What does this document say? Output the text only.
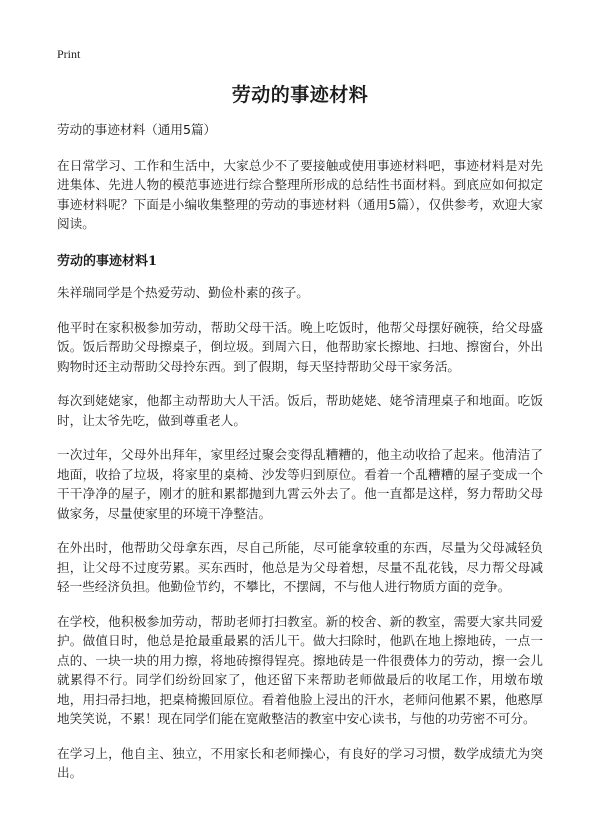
Print
劳动的事迹材料

劳动的事迹材料（通用5篇）

在日常学习、工作和生活中，大家总少不了要接触或使用事迹材料吧，事迹材料是对先进集体、先进人物的模范事迹进行综合整理所形成的总结性书面材料。到底应如何拟定事迹材料呢？下面是小编收集整理的劳动的事迹材料（通用5篇），仅供参考，欢迎大家阅读。

劳动的事迹材料1

朱祥瑞同学是个热爱劳动、勤俭朴素的孩子。

他平时在家积极参加劳动，帮助父母干活。晚上吃饭时，他帮父母摆好碗筷，给父母盛饭。饭后帮助父母擦桌子，倒垃圾。到周六日，他帮助家长擦地、扫地、擦窗台，外出购物时还主动帮助父母拎东西。到了假期，每天坚持帮助父母干家务活。

每次到姥姥家，他都主动帮助大人干活。饭后，帮助姥姥、姥爷清理桌子和地面。吃饭时，让太爷先吃，做到尊重老人。

一次过年，父母外出拜年，家里经过聚会变得乱糟糟的，他主动收拾了起来。他清洁了地面，收拾了垃圾，将家里的桌椅、沙发等归到原位。看着一个乱糟糟的屋子变成一个干干净净的屋子，刚才的脏和累都抛到九霄云外去了。他一直都是这样，努力帮助父母做家务，尽量使家里的环境干净整洁。

在外出时，他帮助父母拿东西，尽自己所能，尽可能拿较重的东西，尽量为父母减轻负担，让父母不过度劳累。买东西时，他总是为父母着想，尽量不乱花钱，尽力帮父母减轻一些经济负担。他勤俭节约，不攀比，不摆阔，不与他人进行物质方面的竞争。

在学校，他积极参加劳动，帮助老师打扫教室。新的校舍、新的教室，需要大家共同爱护。做值日时，他总是抢最重最累的活儿干。做大扫除时，他趴在地上擦地砖，一点一点的、一块一块的用力擦，将地砖擦得锃亮。擦地砖是一件很费体力的劳动，擦一会儿就累得不行。同学们纷纷回家了，他还留下来帮助老师做最后的收尾工作，用墩布墩地，用扫帚扫地，把桌椅搬回原位。看着他脸上浸出的汗水，老师问他累不累，他憨厚地笑笑说，不累！现在同学们能在宽敞整洁的教室中安心读书，与他的功劳密不可分。

在学习上，他自主、独立，不用家长和老师操心，有良好的学习习惯，数学成绩尤为突出。
